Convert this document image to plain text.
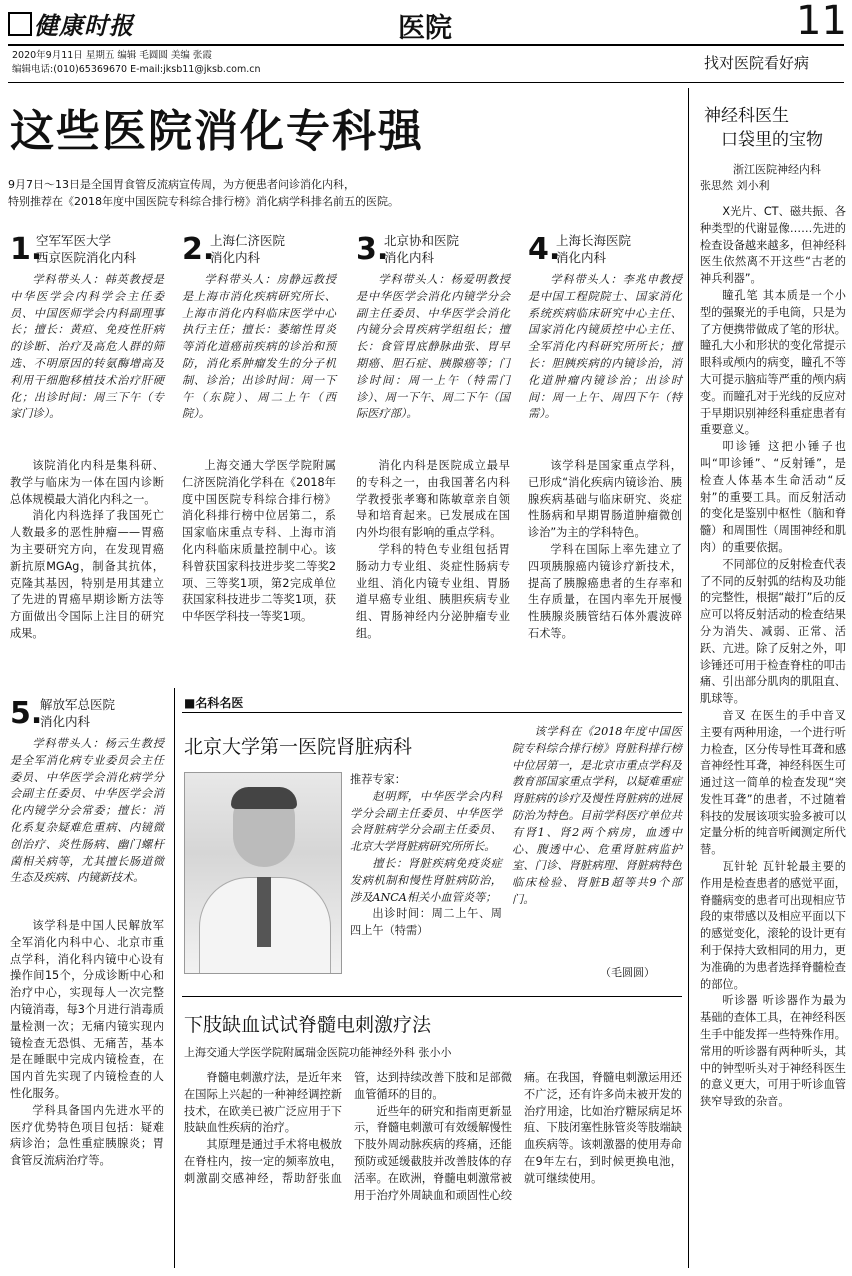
健康时报	医院	11
2020年9月11日 星期五 编辑 毛圆圆 美编 张霞
编辑电话:(010)65369670 E-mail:jksb11@jksb.com.cn	找对医院看好病
这些医院消化专科强

9月7日～13日是全国胃食管反流病宣传周，为方便患者问诊消化内科，

特别推荐在《2018年度中国医院专科综合排行榜》消化病学科排名前五的医院。

1.

空军军医大学

西京医院消化内科

学科带头人：韩英教授是中华医学会内科学会主任委员、中国医师学会内科副理事长；擅长：黄疸、免疫性肝病的诊断、治疗及高危人群的筛选、不明原因的转氨酶增高及利用干细胞移植技术治疗肝硬化；出诊时间：周三下午（专家门诊）。

该院消化内科是集科研、教学与临床为一体在国内诊断总体规模最大消化内科之一。

消化内科选择了我国死亡人数最多的恶性肿瘤——胃癌为主要研究方向，在发现胃癌新抗原MGAg，制备其抗体，克隆其基因，特别是用其建立了先进的胃癌早期诊断方法等方面做出令国际上注目的研究成果。

2.

上海仁济医院

消化内科

学科带头人：房静远教授是上海市消化疾病研究所长、上海市消化内科临床医学中心执行主任；擅长：萎缩性胃炎等消化道癌前疾病的诊治和预防，消化系肿瘤发生的分子机制、诊治；出诊时间：周一下午（东院）、周二上午（西院）。

上海交通大学医学院附属仁济医院消化学科在《2018年度中国医院专科综合排行榜》消化科排行榜中位居第二，系国家临床重点专科、上海市消化内科临床质量控制中心。该科曾获国家科技进步奖二等奖2项、三等奖1项，第2完成单位获国家科技进步二等奖1项，获中华医学科技一等奖1项。

3.

北京协和医院

消化内科

学科带头人：杨爱明教授是中华医学会消化内镜学分会副主任委员、中华医学会消化内镜分会胃疾病学组组长；擅长：食管胃底静脉曲张、胃早期癌、胆石症、胰腺癌等；门诊时间：周一上午（特需门诊）、周一下午、周二下午（国际医疗部）。

消化内科是医院成立最早的专科之一，由我国著名内科学教授张孝骞和陈敏章亲自领导和培育起来。已发展成在国内外均很有影响的重点学科。

学科的特色专业组包括胃肠动力专业组、炎症性肠病专业组、消化内镜专业组、胃肠道早癌专业组、胰胆疾病专业组、胃肠神经内分泌肿瘤专业组。

4.

上海长海医院

消化内科

学科带头人：李兆申教授是中国工程院院士、国家消化系统疾病临床研究中心主任、国家消化内镜质控中心主任、全军消化内科研究所所长；擅长：胆胰疾病的内镜诊治，消化道肿瘤内镜诊治；出诊时间：周一上午、周四下午（特需）。

该学科是国家重点学科，已形成“消化疾病内镜诊治、胰腺疾病基础与临床研究、炎症性肠病和早期胃肠道肿瘤微创诊治”为主的学科特色。

学科在国际上率先建立了四项胰腺癌内镜诊疗新技术，提高了胰腺癌患者的生存率和生存质量，在国内率先开展慢性胰腺炎胰管结石体外震波碎石术等。

5.

解放军总医院

消化内科

学科带头人：杨云生教授是全军消化病专业委员会主任委员、中华医学会消化病学分会副主任委员、中华医学会消化内镜学分会常委；擅长：消化系复杂疑难危重病、内镜微创治疗、炎性肠病、幽门螺杆菌相关病等，尤其擅长肠道微生态及疾病、内镜新技术。

该学科是中国人民解放军全军消化内科中心、北京市重点学科，消化科内镜中心设有操作间15个，分成诊断中心和治疗中心，实现每人一次完整内镜消毒，每3个月进行消毒质量检测一次；无痛内镜实现内镜检查无恐惧、无痛苦，基本是在睡眠中完成内镜检查，在国内首先实现了内镜检查的人性化服务。

学科具备国内先进水平的医疗优势特色项目包括：疑难病诊治；急性重症胰腺炎；胃食管反流病治疗等。

■名科名医
北京大学第一医院肾脏病科

推荐专家：

赵明辉，中华医学会内科学分会副主任委员、中华医学会肾脏病学分会副主任委员、北京大学肾脏病研究所所长。

擅长：肾脏疾病免疫炎症发病机制和慢性肾脏病防治，涉及ANCA相关小血管炎等；

出诊时间：周二上午、周四上午（特需）

该学科在《2018年度中国医院专科综合排行榜》肾脏科排行榜中位居第一，是北京市重点学科及教育部国家重点学科，以疑难重症肾脏病的诊疗及慢性肾脏病的进展防治为特色。目前学科医疗单位共有肾1、肾2两个病房，血透中心、腹透中心、危重肾脏病监护室、门诊、肾脏病理、肾脏病特色临床检验、肾脏B超等共9个部门。
（毛圆圆）
下肢缺血试试脊髓电刺激疗法
上海交通大学医学院附属瑞金医院功能神经外科 张小小

脊髓电刺激疗法，是近年来在国际上兴起的一种神经调控新技术，在欧美已被广泛应用于下肢缺血性疾病的治疗。

其原理是通过手术将电极放在脊柱内，按一定的频率放电，刺激副交感神经，帮助舒张血管，达到持续改善下肢和足部微血管循环的目的。

近些年的研究和指南更新显示，脊髓电刺激可有效缓解慢性下肢外周动脉疾病的疼痛，还能预防或延缓截肢并改善肢体的存活率。在欧洲，脊髓电刺激常被用于治疗外周缺血和顽固性心绞痛。在我国，脊髓电刺激运用还不广泛，还有许多尚未被开发的治疗用途，比如治疗糖尿病足坏疽、下肢闭塞性脉管炎等肢端缺血疾病等。该刺激器的使用寿命在9年左右，到时候更换电池，就可继续使用。

神经科医生

口袋里的宝物

浙江医院神经内科

张思然 刘小利

X光片、CT、磁共振、各种类型的代谢显像……先进的检查设备越来越多，但神经科医生依然离不开这些“古老的神兵利器”。

瞳孔笔 其本质是一个小型的强聚光的手电筒，只是为了方便携带做成了笔的形状。瞳孔大小和形状的变化常提示眼科或颅内的病变，瞳孔不等大可提示脑疝等严重的颅内病变。而瞳孔对于光线的反应对于早期识别神经科重症患者有重要意义。

叩诊锤 这把小锤子也叫“叩诊锤”、“反射锤”，是检查人体基本生命活动“反射”的重要工具。而反射活动的变化是鉴别中枢性（脑和脊髓）和周围性（周围神经和肌肉）的重要依据。

不同部位的反射检查代表了不同的反射弧的结构及功能的完整性，根据“敲打”后的反应可以将反射活动的检查结果分为消失、减弱、正常、活跃、亢进。除了反射之外，叩诊锤还可用于检查脊柱的叩击痛、引出部分肌肉的肌阻直、肌球等。

音叉 在医生的手中音叉主要有两种用途，一个进行听力检查，区分传导性耳聋和感音神经性耳聋，神经科医生可通过这一简单的检查发现“突发性耳聋”的患者，不过随着科技的发展该项实验多被可以定量分析的纯音听阈测定所代替。

瓦针轮 瓦针轮最主要的作用是检查患者的感觉平面，脊髓病变的患者可出现相应节段的束带感以及相应平面以下的感觉变化，滚轮的设计更有利于保持大致相同的用力，更为准确的为患者选择脊髓检查的部位。

听诊器 听诊器作为最为基础的查体工具，在神经科医生手中能发挥一些特殊作用。常用的听诊器有两种听头，其中的钟型听头对于神经科医生的意义更大，可用于听诊血管狭窄导致的杂音。
